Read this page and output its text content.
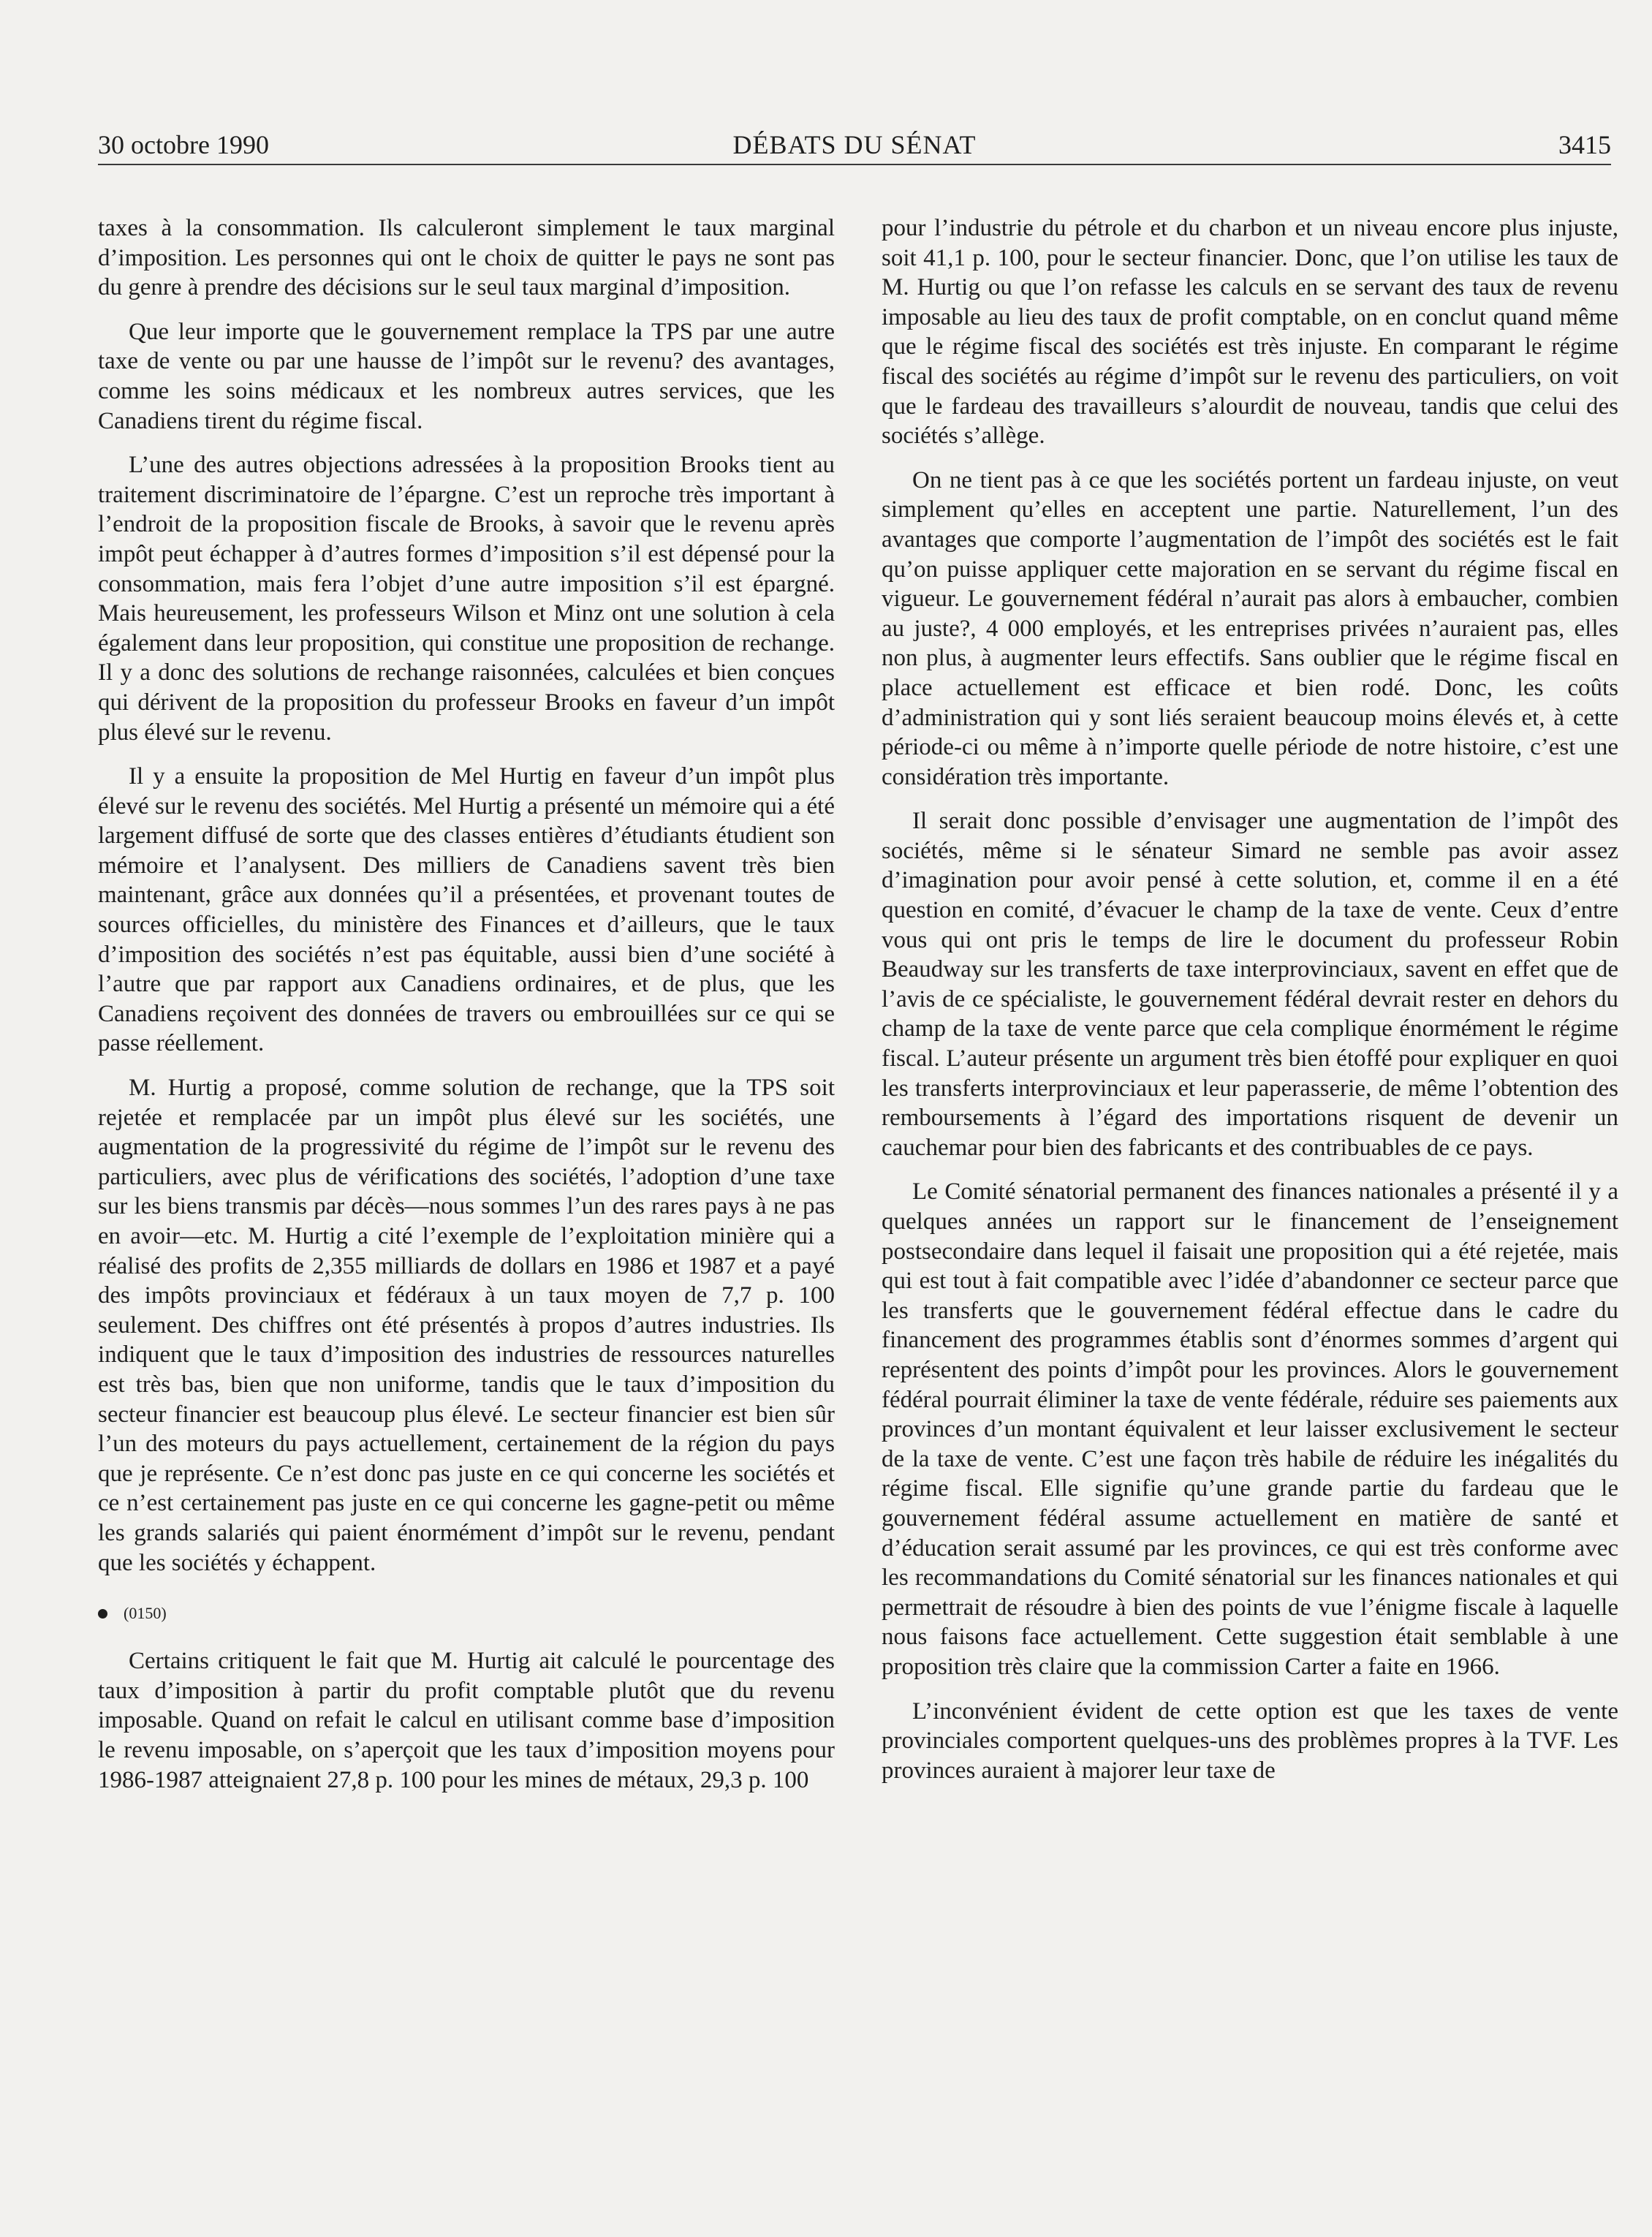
30 octobre 1990	DÉBATS DU SÉNAT	3415

taxes à la consommation. Ils calculeront simplement le taux marginal d’imposition. Les personnes qui ont le choix de quitter le pays ne sont pas du genre à prendre des décisions sur le seul taux marginal d’imposition.

Que leur importe que le gouvernement remplace la TPS par une autre taxe de vente ou par une hausse de l’impôt sur le revenu? des avantages, comme les soins médicaux et les nombreux autres services, que les Canadiens tirent du régime fiscal.

L’une des autres objections adressées à la proposition Brooks tient au traitement discriminatoire de l’épargne. C’est un reproche très important à l’endroit de la proposition fiscale de Brooks, à savoir que le revenu après impôt peut échapper à d’autres formes d’imposition s’il est dépensé pour la consommation, mais fera l’objet d’une autre imposition s’il est épargné. Mais heureusement, les professeurs Wilson et Minz ont une solution à cela également dans leur proposition, qui constitue une proposition de rechange. Il y a donc des solutions de rechange raisonnées, calculées et bien conçues qui dérivent de la proposition du professeur Brooks en faveur d’un impôt plus élevé sur le revenu.

Il y a ensuite la proposition de Mel Hurtig en faveur d’un impôt plus élevé sur le revenu des sociétés. Mel Hurtig a présenté un mémoire qui a été largement diffusé de sorte que des classes entières d’étudiants étudient son mémoire et l’analysent. Des milliers de Canadiens savent très bien maintenant, grâce aux données qu’il a présentées, et provenant toutes de sources officielles, du ministère des Finances et d’ailleurs, que le taux d’imposition des sociétés n’est pas équitable, aussi bien d’une société à l’autre que par rapport aux Canadiens ordinaires, et de plus, que les Canadiens reçoivent des données de travers ou embrouillées sur ce qui se passe réellement.

M. Hurtig a proposé, comme solution de rechange, que la TPS soit rejetée et remplacée par un impôt plus élevé sur les sociétés, une augmentation de la progressivité du régime de l’impôt sur le revenu des particuliers, avec plus de vérifications des sociétés, l’adoption d’une taxe sur les biens transmis par décès—nous sommes l’un des rares pays à ne pas en avoir—etc. M. Hurtig a cité l’exemple de l’exploitation minière qui a réalisé des profits de 2,355 milliards de dollars en 1986 et 1987 et a payé des impôts provinciaux et fédéraux à un taux moyen de 7,7 p. 100 seulement. Des chiffres ont été présentés à propos d’autres industries. Ils indiquent que le taux d’imposition des industries de ressources naturelles est très bas, bien que non uniforme, tandis que le taux d’imposition du secteur financier est beaucoup plus élevé. Le secteur financier est bien sûr l’un des moteurs du pays actuellement, certainement de la région du pays que je représente. Ce n’est donc pas juste en ce qui concerne les sociétés et ce n’est certainement pas juste en ce qui concerne les gagne-petit ou même les grands salariés qui paient énormément d’impôt sur le revenu, pendant que les sociétés y échappent.

(0150)

Certains critiquent le fait que M. Hurtig ait calculé le pourcentage des taux d’imposition à partir du profit comptable plutôt que du revenu imposable. Quand on refait le calcul en utilisant comme base d’imposition le revenu imposable, on s’aperçoit que les taux d’imposition moyens pour 1986-1987 atteignaient 27,8 p. 100 pour les mines de métaux, 29,3 p. 100

pour l’industrie du pétrole et du charbon et un niveau encore plus injuste, soit 41,1 p. 100, pour le secteur financier. Donc, que l’on utilise les taux de M. Hurtig ou que l’on refasse les calculs en se servant des taux de revenu imposable au lieu des taux de profit comptable, on en conclut quand même que le régime fiscal des sociétés est très injuste. En comparant le régime fiscal des sociétés au régime d’impôt sur le revenu des particuliers, on voit que le fardeau des travailleurs s’alourdit de nouveau, tandis que celui des sociétés s’allège.

On ne tient pas à ce que les sociétés portent un fardeau injuste, on veut simplement qu’elles en acceptent une partie. Naturellement, l’un des avantages que comporte l’augmentation de l’impôt des sociétés est le fait qu’on puisse appliquer cette majoration en se servant du régime fiscal en vigueur. Le gouvernement fédéral n’aurait pas alors à embaucher, combien au juste?, 4 000 employés, et les entreprises privées n’auraient pas, elles non plus, à augmenter leurs effectifs. Sans oublier que le régime fiscal en place actuellement est efficace et bien rodé. Donc, les coûts d’administration qui y sont liés seraient beaucoup moins élevés et, à cette période-ci ou même à n’importe quelle période de notre histoire, c’est une considération très importante.

Il serait donc possible d’envisager une augmentation de l’impôt des sociétés, même si le sénateur Simard ne semble pas avoir assez d’imagination pour avoir pensé à cette solution, et, comme il en a été question en comité, d’évacuer le champ de la taxe de vente. Ceux d’entre vous qui ont pris le temps de lire le document du professeur Robin Beaudway sur les transferts de taxe interprovinciaux, savent en effet que de l’avis de ce spécialiste, le gouvernement fédéral devrait rester en dehors du champ de la taxe de vente parce que cela complique énormément le régime fiscal. L’auteur présente un argument très bien étoffé pour expliquer en quoi les transferts interprovinciaux et leur paperasserie, de même l’obtention des remboursements à l’égard des importations risquent de devenir un cauchemar pour bien des fabricants et des contribuables de ce pays.

Le Comité sénatorial permanent des finances nationales a présenté il y a quelques années un rapport sur le financement de l’enseignement postsecondaire dans lequel il faisait une proposition qui a été rejetée, mais qui est tout à fait compatible avec l’idée d’abandonner ce secteur parce que les transferts que le gouvernement fédéral effectue dans le cadre du financement des programmes établis sont d’énormes sommes d’argent qui représentent des points d’impôt pour les provinces. Alors le gouvernement fédéral pourrait éliminer la taxe de vente fédérale, réduire ses paiements aux provinces d’un montant équivalent et leur laisser exclusivement le secteur de la taxe de vente. C’est une façon très habile de réduire les inégalités du régime fiscal. Elle signifie qu’une grande partie du fardeau que le gouvernement fédéral assume actuellement en matière de santé et d’éducation serait assumé par les provinces, ce qui est très conforme avec les recommandations du Comité sénatorial sur les finances nationales et qui permettrait de résoudre à bien des points de vue l’énigme fiscale à laquelle nous faisons face actuellement. Cette suggestion était semblable à une proposition très claire que la commission Carter a faite en 1966.

L’inconvénient évident de cette option est que les taxes de vente provinciales comportent quelques-uns des problèmes propres à la TVF. Les provinces auraient à majorer leur taxe de
